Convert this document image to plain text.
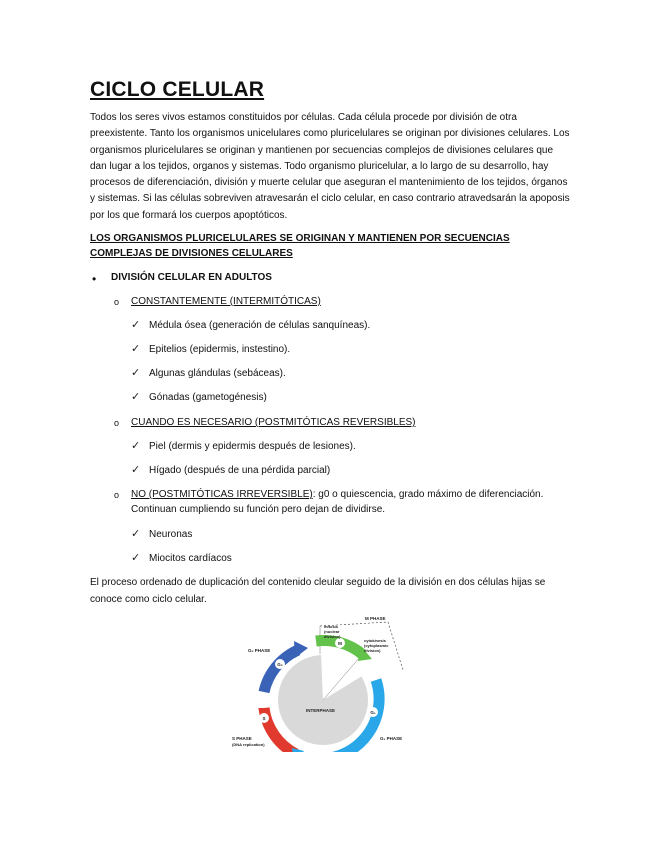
CICLO CELULAR

Todos los seres vivos estamos constituidos por células. Cada célula procede por división de otra preexistente. Tanto los organismos unicelulares como pluricelulares se originan por divisiones celulares. Los organismos pluricelulares se originan y mantienen por secuencias complejos de divisiones celulares que dan lugar a los tejidos, organos y sistemas. Todo organismo pluricelular, a lo largo de su desarrollo, hay procesos de diferenciación, división y muerte celular que aseguran el mantenimiento de los tejidos, órganos y sistemas. Si las células sobreviven atravesarán el ciclo celular, en caso contrario atravedsarán la apoposis por los que formará los cuerpos apoptóticos.

LOS ORGANISMOS PLURICELULARES SE ORIGINAN Y MANTIENEN POR SECUENCIAS COMPLEJAS DE DIVISIONES CELULARES

• DIVISIÓN CELULAR EN ADULTOS
o CONSTANTEMENTE (INTERMITÓTICAS)
✓ Médula ósea (generación de células sanquíneas).
✓ Epitelios (epidermis, instestino).
✓ Algunas glándulas (sebáceas).
✓ Gónadas (gametogénesis)
o CUANDO ES NECESARIO (POSTMITÓTICAS REVERSIBLES)
✓ Piel (dermis y epidermis después de lesiones).
✓ Hígado (después de una pérdida parcial)
o NO (POSTMITÓTICAS IRREVERSIBLE): g0 o quiescencia, grado máximo de diferenciación.
Continuan cumpliendo su función pero dejan de dividirse.
✓ Neuronas
✓ Miocitos cardíacos

El proceso ordenado de duplicación del contenido cleular seguido de la división en dos células hijas se conoce como ciclo celular.

G₂
M
G₁
S
M PHASE
mitosis
(nuclear
division)
cytokinesis
(cytoplasmic
division)
G₂ PHASE
INTERPHASE
S PHASE
(DNA replication)
G₁ PHASE
